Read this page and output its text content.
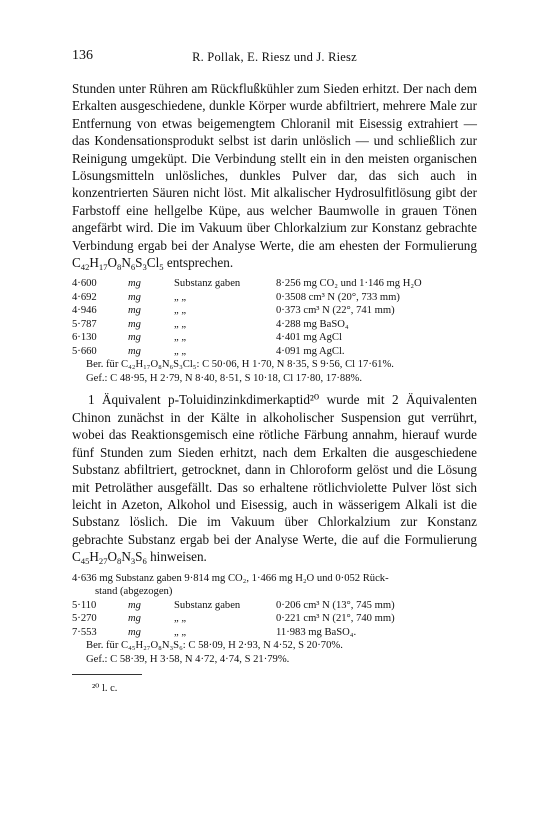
136	R. Pollak, E. Riesz und J. Riesz

Stunden unter Rühren am Rückflußkühler zum Sieden erhitzt. Der nach dem Erkalten ausgeschiedene, dunkle Körper wurde abfiltriert, mehrere Male zur Entfernung von etwas beigemengtem Chloranil mit Eisessig extrahiert — das Kondensationsprodukt selbst ist darin unlöslich — und schließlich zur Reinigung umgeküpt. Die Verbindung stellt ein in den meisten organischen Lösungsmitteln unlösliches, dunkles Pulver dar, das sich auch in konzentrierten Säuren nicht löst. Mit alkalischer Hydrosulfitlösung gibt der Farbstoff eine hellgelbe Küpe, aus welcher Baumwolle in grauen Tönen angefärbt wird. Die im Vakuum über Chlorkalzium zur Konstanz gebrachte Verbindung ergab bei der Analyse Werte, die am ehesten der Formulierung $C_{42}H_{17}O_8N_6S_3Cl_5$ entsprechen.

4·600	mg	Substanz gaben	8·256 mg CO₂ und 1·146 mg H₂O
4·692	mg	„ „	0·3508 cm³ N (20°, 733 mm)
4·946	mg	„ „	0·373 cm³ N (22°, 741 mm)
5·787	mg	„ „	4·288 mg BaSO₄
6·130	mg	„ „	4·401 mg AgCl
5·660	mg	„ „	4·091 mg AgCl.
Ber. für C₄₂H₁₇O₈N₆S₃Cl₅: C 50·06, H 1·70, N 8·35, S 9·56, Cl 17·61%.
Gef.: C 48·95, H 2·79, N 8·40, 8·51, S 10·18, Cl 17·80, 17·88%.

1 Äquivalent p-Toluidinzinkdimerkaptid²⁰ wurde mit 2 Äquivalenten Chinon zunächst in der Kälte in alkoholischer Suspension gut verrührt, wobei das Reaktionsgemisch eine rötliche Färbung annahm, hierauf wurde fünf Stunden zum Sieden erhitzt, nach dem Erkalten die ausgeschiedene Substanz abfiltriert, getrocknet, dann in Chloroform gelöst und die Lösung mit Petroläther ausgefällt. Das so erhaltene rötlichviolette Pulver löst sich leicht in Azeton, Alkohol und Eisessig, auch in wässerigem Alkali ist die Substanz löslich. Die im Vakuum über Chlorkalzium zur Konstanz gebrachte Substanz ergab bei der Analyse Werte, die auf die Formulierung $C_{45}H_{27}O_8N_3S_6$ hinweisen.

4·636 mg Substanz gaben 9·814 mg CO₂, 1·466 mg H₂O und 0·052 Rück-
stand (abgezogen)
5·110	mg	Substanz gaben	0·206 cm³ N (13°, 745 mm)
5·270	mg	„ „	0·221 cm³ N (21°, 740 mm)
7·553	mg	„ „	11·983 mg BaSO₄.
Ber. für C₄₅H₂₇O₈N₃S₆: C 58·09, H 2·93, N 4·52, S 20·70%.
Gef.: C 58·39, H 3·58, N 4·72, 4·74, S 21·79%.
²⁰ l. c.
